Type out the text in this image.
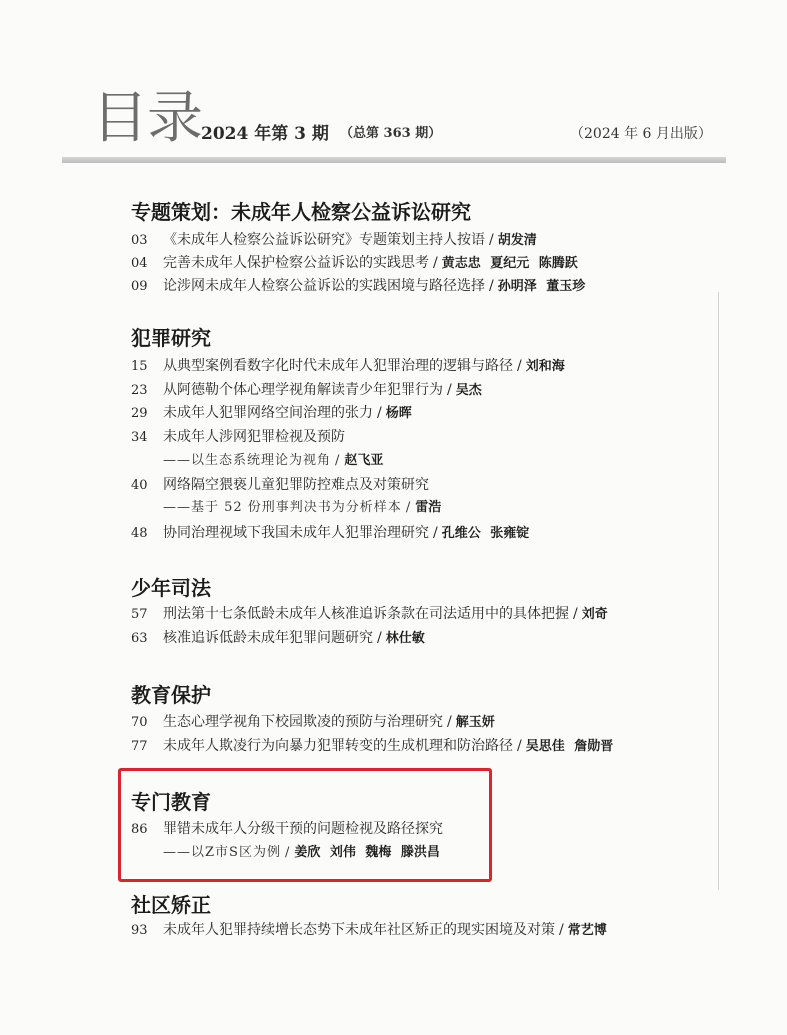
目录 2024 年第 3 期 （总第 363 期）	（2024 年 6 月出版）
专题策划：未成年人检察公益诉讼研究
03 《未成年人检察公益诉讼研究》专题策划主持人按语 / 胡发清
04 完善未成年人保护检察公益诉讼的实践思考 / 黄志忠 夏纪元 陈腾跃
09 论涉网未成年人检察公益诉讼的实践困境与路径选择 / 孙明泽 董玉珍
犯罪研究
15 从典型案例看数字化时代未成年人犯罪治理的逻辑与路径 / 刘和海
23 从阿德勒个体心理学视角解读青少年犯罪行为 / 吴杰
29 未成年人犯罪网络空间治理的张力 / 杨晖
34 未成年人涉网犯罪检视及预防
——以生态系统理论为视角 / 赵飞亚
40 网络隔空猥亵儿童犯罪防控难点及对策研究
——基于 52 份刑事判决书为分析样本 / 雷浩
48 协同治理视域下我国未成年人犯罪治理研究 / 孔维公 张雍锭
少年司法
57 刑法第十七条低龄未成年人核准追诉条款在司法适用中的具体把握 / 刘奇
63 核准追诉低龄未成年犯罪问题研究 / 林仕敏
教育保护
70 生态心理学视角下校园欺凌的预防与治理研究 / 解玉妍
77 未成年人欺凌行为向暴力犯罪转变的生成机理和防治路径 / 吴思佳 詹勋晋
专门教育
86 罪错未成年人分级干预的问题检视及路径探究
——以Z市S区为例 / 姜欣 刘伟 魏梅 滕洪昌
社区矫正
93 未成年人犯罪持续增长态势下未成年社区矫正的现实困境及对策 / 常艺博
